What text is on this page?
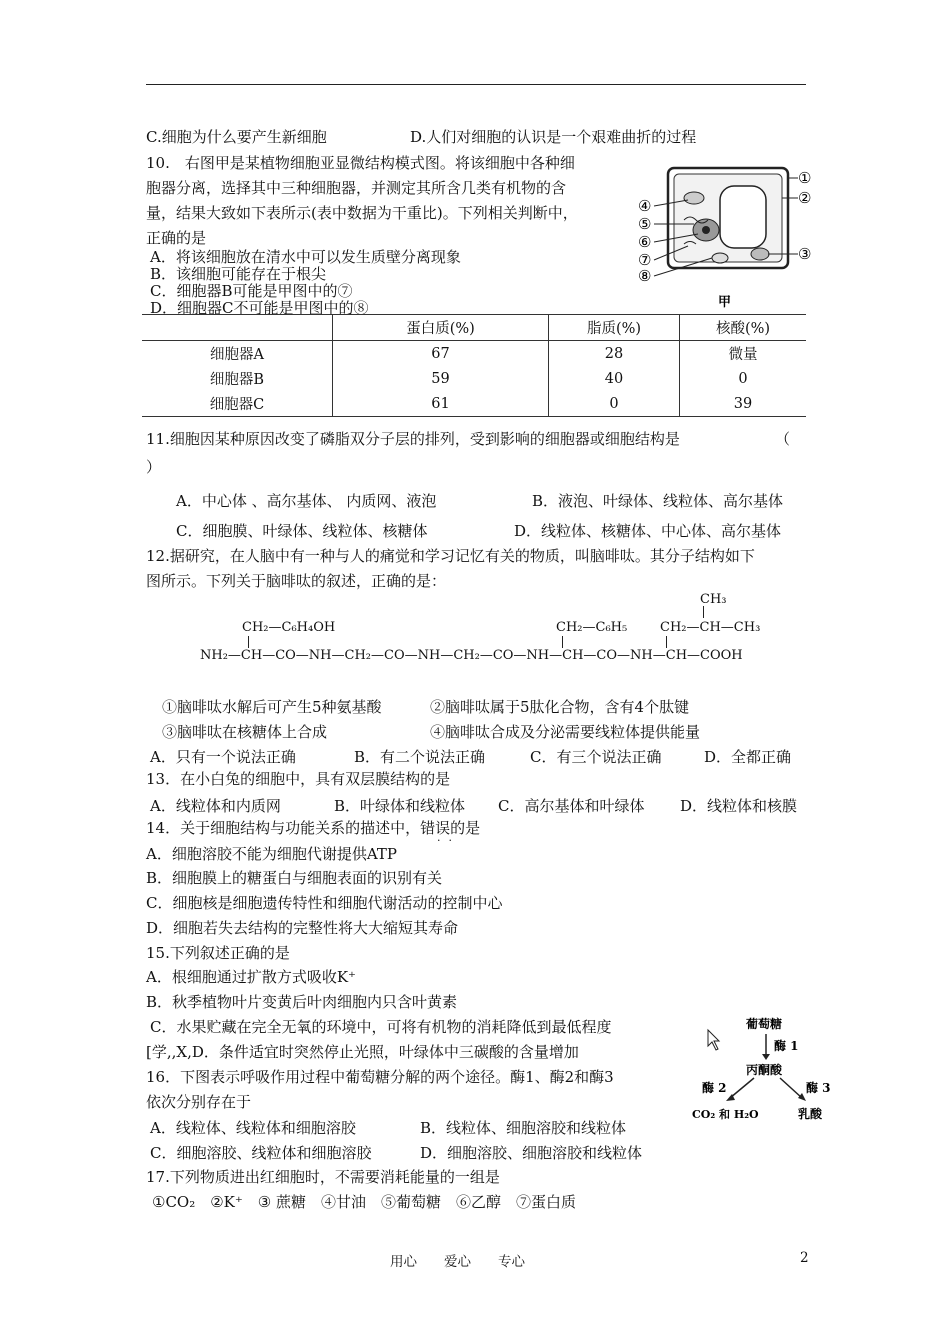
C.细胞为什么要产生新细胞	D.人们对细胞的认识是一个艰难曲折的过程
10.　右图甲是某植物细胞亚显微结构模式图。将该细胞中各种细
胞器分离，选择其中三种细胞器，并测定其所含几类有机物的含
量，结果大致如下表所示(表中数据为干重比)。下列相关判断中，
正确的是
A．将该细胞放在清水中可以发生质壁分离现象
B．该细胞可能存在于根尖
C．细胞器B可能是甲图中的⑦
D．细胞器C不可能是甲图中的⑧
①
②
③
④
⑤
⑥
⑦
⑧
甲
	蛋白质(%)	脂质(%)	核酸(%)
细胞器A	67	28	微量
细胞器B	59	40	0
细胞器C	61	0	39
11.细胞因某种原因改变了磷脂双分子层的排列，受到影响的细胞器或细胞结构是	（
）
A．中心体 、高尔基体、 内质网、液泡	B．液泡、叶绿体、线粒体、高尔基体
C．细胞膜、叶绿体、线粒体、核糖体	D．线粒体、核糖体、中心体、高尔基体
12.据研究，在人脑中有一种与人的痛觉和学习记忆有关的物质，叫脑啡呔。其分子结构如下
图所示。下列关于脑啡呔的叙述，正确的是：
CH₃
CH₂—C₆H₄OH	CH₂—C₆H₅	CH₂—CH—CH₃
NH₂—CH—CO—NH—CH₂—CO—NH—CH₂—CO—NH—CH—CO—NH—CH—COOH
①脑啡呔水解后可产生5种氨基酸	②脑啡呔属于5肽化合物，含有4个肽键
③脑啡呔在核糖体上合成	④脑啡呔合成及分泌需要线粒体提供能量
A．只有一个说法正确	B．有二个说法正确	C．有三个说法正确	D．全都正确
13．在小白兔的细胞中，具有双层膜结构的是
A．线粒体和内质网	B．叶绿体和线粒体 C．高尔基体和叶绿体 D．线粒体和核膜
14．关于细胞结构与功能关系的描述中，错误的是
··
A．细胞溶胶不能为细胞代谢提供ATP
B．细胞膜上的糖蛋白与细胞表面的识别有关
C．细胞核是细胞遗传特性和细胞代谢活动的控制中心
D．细胞若失去结构的完整性将大大缩短其寿命
15.下列叙述正确的是
A．根细胞通过扩散方式吸收K⁺
B．秋季植物叶片变黄后叶肉细胞内只含叶黄素
C．水果贮藏在完全无氧的环境中，可将有机物的消耗降低到最低程度
[学,,X,D．条件适宜时突然停止光照，叶绿体中三碳酸的含量增加
葡萄糖
酶 1
丙酮酸
酶 2	酶 3
CO₂ 和 H₂O	乳酸
16．下图表示呼吸作用过程中葡萄糖分解的两个途径。酶1、酶2和酶3
依次分别存在于
A．线粒体、线粒体和细胞溶胶	B．线粒体、细胞溶胶和线粒体
C．细胞溶胶、线粒体和细胞溶胶	D．细胞溶胶、细胞溶胶和线粒体
17.下列物质进出红细胞时，不需要消耗能量的一组是
①CO₂　②K⁺　③ 蔗糖　④甘油　⑤葡萄糖　⑥乙醇　⑦蛋白质
用心　　爱心　　专心	2
